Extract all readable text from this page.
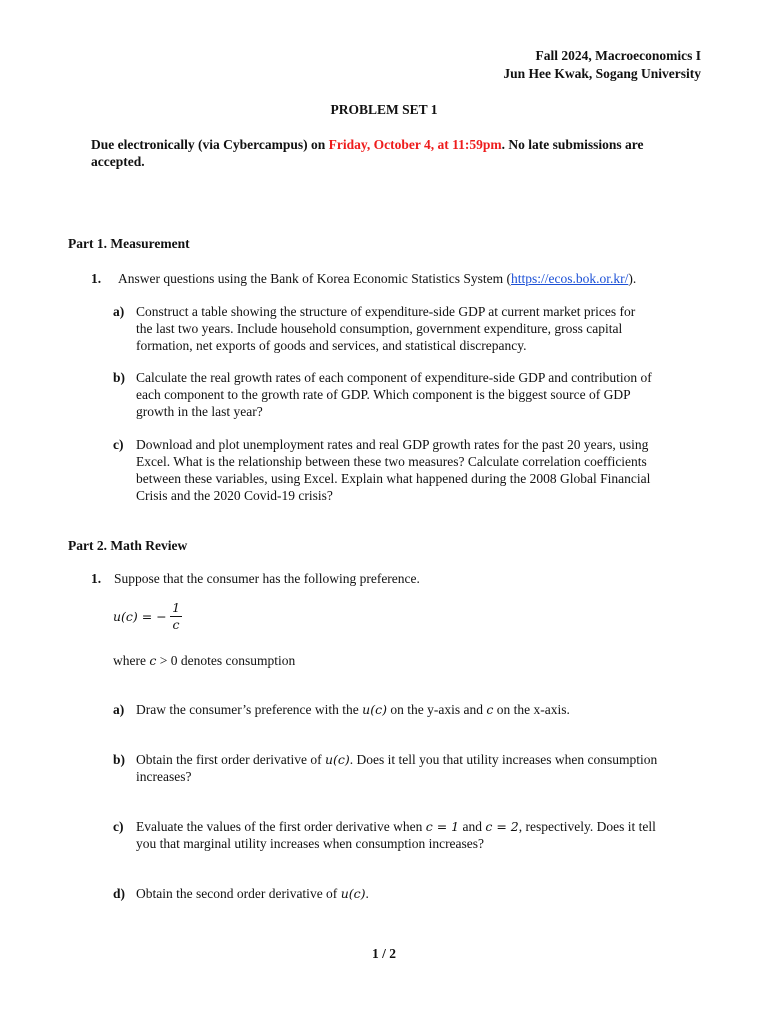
Fall 2024, Macroeconomics I
Jun Hee Kwak, Sogang University
PROBLEM SET 1
Due electronically (via Cybercampus) on Friday, October 4, at 11:59pm. No late submissions are
accepted.
Part 1. Measurement
1. Answer questions using the Bank of Korea Economic Statistics System (https://ecos.bok.or.kr/).
a) Construct a table showing the structure of expenditure-side GDP at current market prices for
the last two years. Include household consumption, government expenditure, gross capital
formation, net exports of goods and services, and statistical discrepancy.
b) Calculate the real growth rates of each component of expenditure-side GDP and contribution of
each component to the growth rate of GDP. Which component is the biggest source of GDP
growth in the last year?
c) Download and plot unemployment rates and real GDP growth rates for the past 20 years, using
Excel. What is the relationship between these two measures? Calculate correlation coefficients
between these variables, using Excel. Explain what happened during the 2008 Global Financial
Crisis and the 2020 Covid-19 crisis?
Part 2. Math Review
1. Suppose that the consumer has the following preference.
u(c) = − $\frac{1}{c}$
where c > 0 denotes consumption
a) Draw the consumer’s preference with the u(c) on the y-axis and c on the x-axis.
b) Obtain the first order derivative of u(c). Does it tell you that utility increases when consumption
increases?
c) Evaluate the values of the first order derivative when c = 1 and c = 2, respectively. Does it tell
you that marginal utility increases when consumption increases?
d) Obtain the second order derivative of u(c).
1 / 2
